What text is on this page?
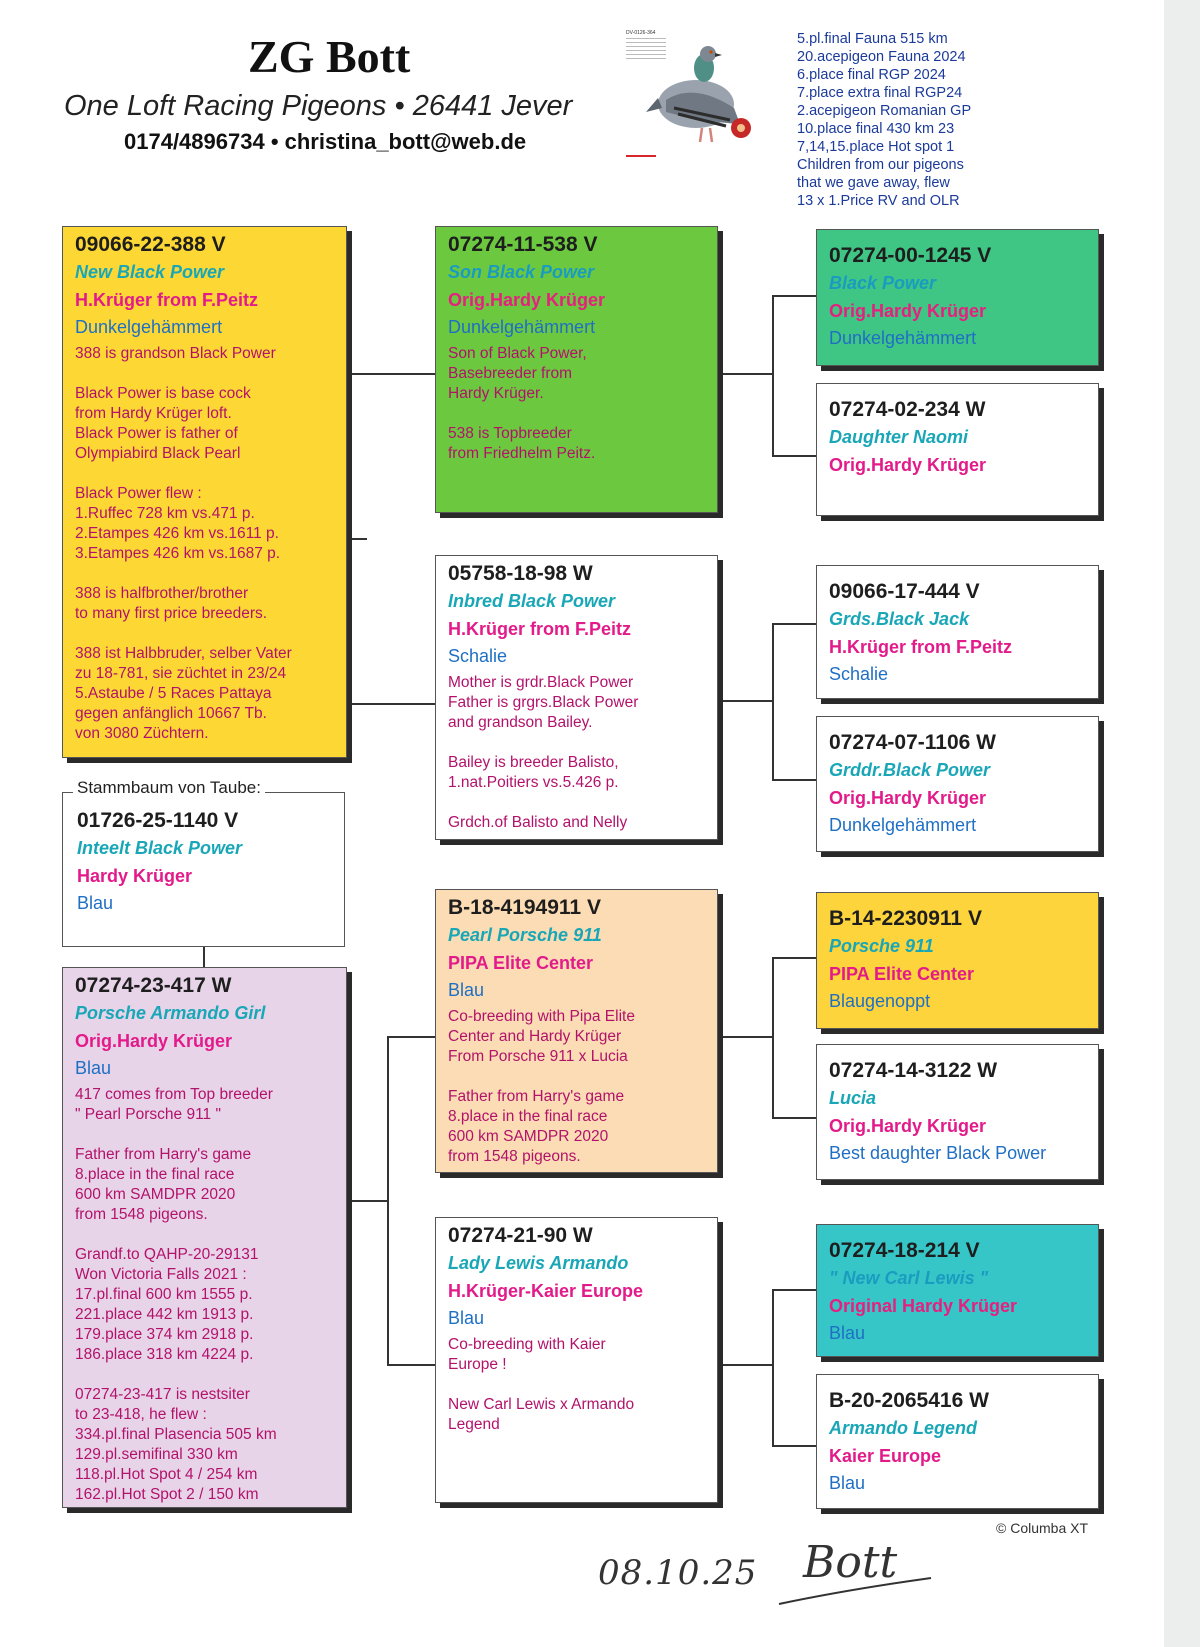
ZG Bott
One Loft Racing Pigeons • 26441 Jever
0174/4896734 • christina_bott@web.de
DV-0126-364	5.pl.final Fauna 515 km
20.acepigeon Fauna 2024
6.place final RGP 2024
7.place extra final RGP24
2.acepigeon Romanian GP
10.place final 430 km 23
7,14,15.place Hot spot 1
Children from our pigeons
that we gave away, flew
13 x 1.Price RV and OLR
09066-22-388 V
New Black Power
H.Krüger from F.Peitz
Dunkelgehämmert

388 is grandson Black Power

Black Power is base cock
from Hardy Krüger loft.
Black Power is father of
Olympiabird Black Pearl

Black Power flew :
1.Ruffec 728 km vs.471 p.
2.Etampes 426 km vs.1611 p.
3.Etampes 426 km vs.1687 p.

388 is halfbrother/brother
to many first price breeders.

388 ist Halbbruder, selber Vater
zu 18-781, sie züchtet in 23/24
5.Astaube / 5 Races Pattaya
gegen anfänglich 10667 Tb.
von 3080 Züchtern.

01726-25-1140 V
Inteelt Black Power
Hardy Krüger
Blau
Stammbaum von Taube:
07274-23-417 W
Porsche Armando Girl
Orig.Hardy Krüger
Blau

417 comes from Top breeder
" Pearl Porsche 911 "

Father from Harry's game
8.place in the final race
600 km SAMDPR 2020
from 1548 pigeons.

Grandf.to QAHP-20-29131
Won Victoria Falls 2021 :
17.pl.final 600 km 1555 p.
221.place 442 km 1913 p.
179.place 374 km 2918 p.
186.place 318 km 4224 p.

07274-23-417 is nestsiter
to 23-418, he flew :
334.pl.final Plasencia 505 km
129.pl.semifinal 330 km
118.pl.Hot Spot 4 / 254 km
162.pl.Hot Spot 2 / 150 km

07274-11-538 V
Son Black Power
Orig.Hardy Krüger
Dunkelgehämmert

Son of Black Power,
Basebreeder from
Hardy Krüger.

538 is Topbreeder
from Friedhelm Peitz.

05758-18-98 W
Inbred Black Power
H.Krüger from F.Peitz
Schalie

Mother is grdr.Black Power
Father is grgrs.Black Power
and grandson Bailey.

Bailey is breeder Balisto,
1.nat.Poitiers vs.5.426 p.

Grdch.of Balisto and Nelly

B-18-4194911 V
Pearl Porsche 911
PIPA Elite Center
Blau

Co-breeding with Pipa Elite
Center and Hardy Krüger
From Porsche 911 x Lucia

Father from Harry's game
8.place in the final race
600 km SAMDPR 2020
from 1548 pigeons.

07274-21-90 W
Lady Lewis Armando
H.Krüger-Kaier Europe
Blau

Co-breeding with Kaier
Europe !

New Carl Lewis x Armando
Legend

07274-00-1245 V
Black Power
Orig.Hardy Krüger
Dunkelgehämmert
07274-02-234 W
Daughter Naomi
Orig.Hardy Krüger
09066-17-444 V
Grds.Black Jack
H.Krüger from F.Peitz
Schalie
07274-07-1106 W
Grddr.Black Power
Orig.Hardy Krüger
Dunkelgehämmert
B-14-2230911 V
Porsche 911
PIPA Elite Center
Blaugenoppt
07274-14-3122 W
Lucia
Orig.Hardy Krüger
Best daughter Black Power
07274-18-214 V
" New Carl Lewis "
Original Hardy Krüger
Blau
B-20-2065416 W
Armando Legend
Kaier Europe
Blau
© Columba XT
08.10.25 Bott
